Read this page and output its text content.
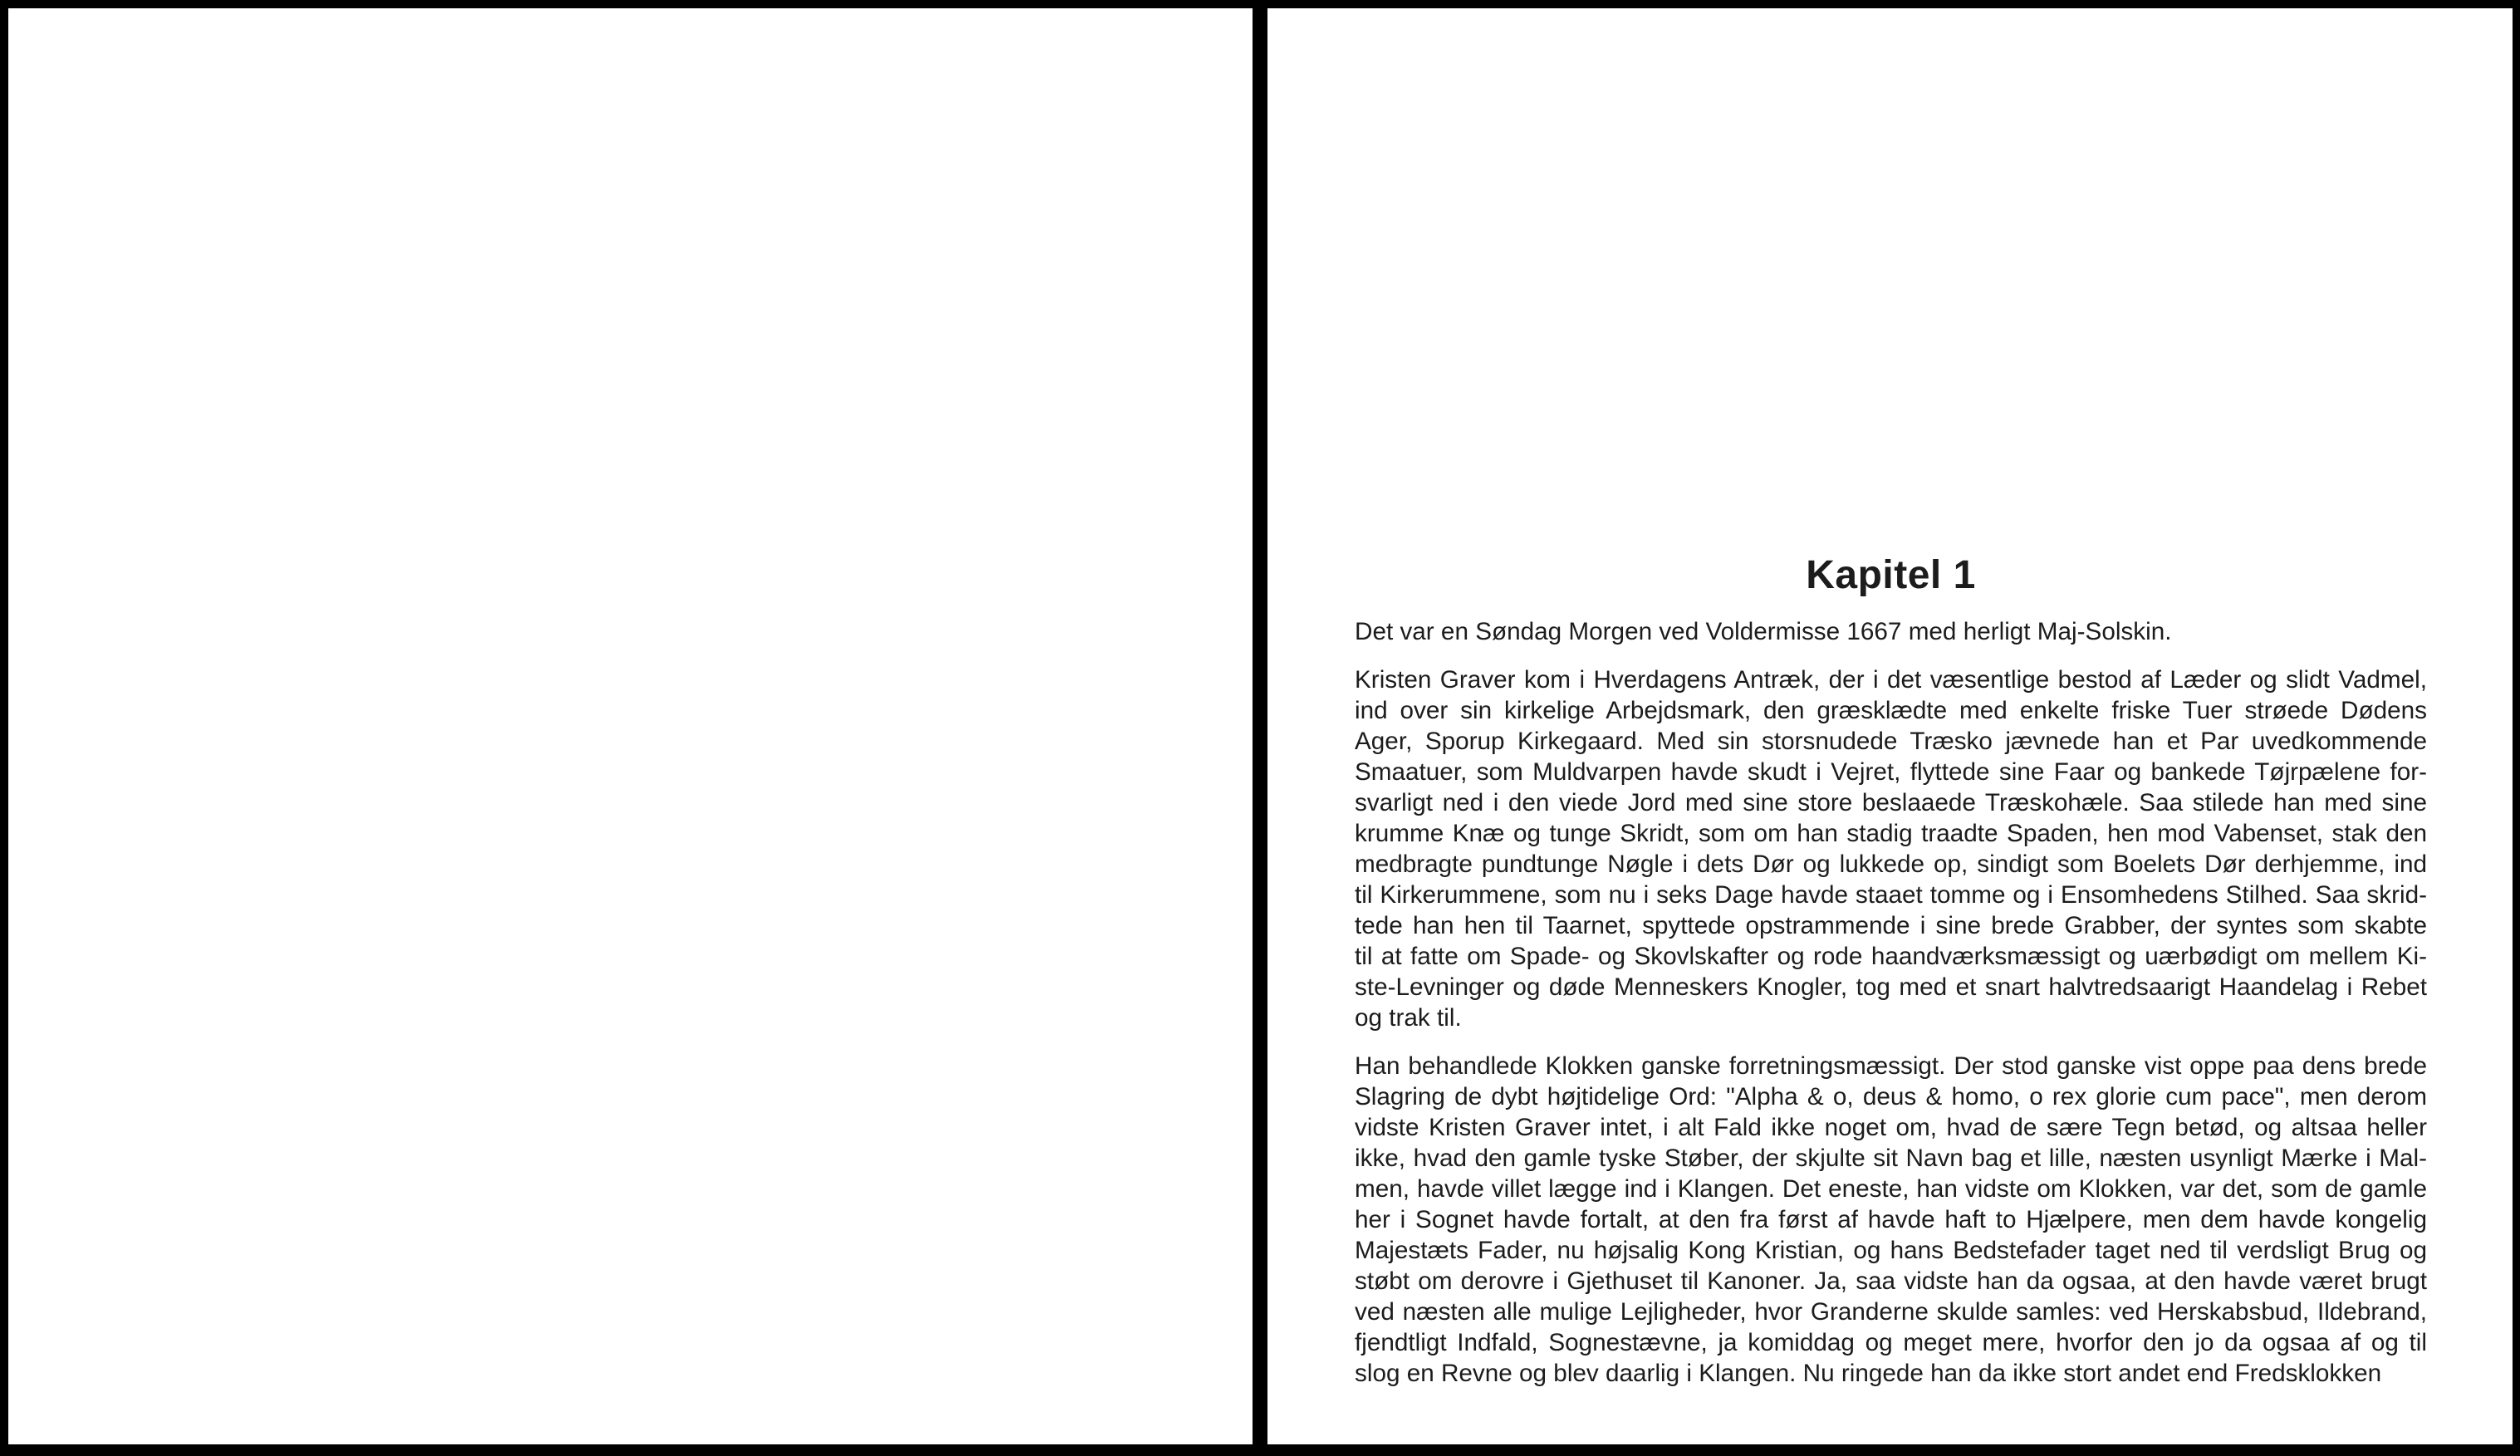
Kapitel 1
Det var en Søndag Morgen ved Voldermisse 1667 med herligt Maj-Solskin.
Kristen Graver kom i Hverdagens Antræk, der i det væsentlige bestod af Læder og slidt Vadmel,
ind over sin kirkelige Arbejdsmark, den græsklædte med enkelte friske Tuer strøede Dødens
Ager, Sporup Kirkegaard. Med sin storsnudede Træsko jævnede han et Par uvedkommende
Smaatuer, som Muldvarpen havde skudt i Vejret, flyttede sine Faar og bankede Tøjrpælene for-
svarligt ned i den viede Jord med sine store beslaaede Træskohæle. Saa stilede han med sine
krumme Knæ og tunge Skridt, som om han stadig traadte Spaden, hen mod Vabenset, stak den
medbragte pundtunge Nøgle i dets Dør og lukkede op, sindigt som Boelets Dør derhjemme, ind
til Kirkerummene, som nu i seks Dage havde staaet tomme og i Ensomhedens Stilhed. Saa skrid-
tede han hen til Taarnet, spyttede opstrammende i sine brede Grabber, der syntes som skabte
til at fatte om Spade- og Skovlskafter og rode haandværksmæssigt og uærbødigt om mellem Ki-
ste-Levninger og døde Menneskers Knogler, tog med et snart halvtredsaarigt Haandelag i Rebet
og trak til.
Han behandlede Klokken ganske forretningsmæssigt. Der stod ganske vist oppe paa dens brede
Slagring de dybt højtidelige Ord: "Alpha & o, deus & homo, o rex glorie cum pace", men derom
vidste Kristen Graver intet, i alt Fald ikke noget om, hvad de sære Tegn betød, og altsaa heller
ikke, hvad den gamle tyske Støber, der skjulte sit Navn bag et lille, næsten usynligt Mærke i Mal-
men, havde villet lægge ind i Klangen. Det eneste, han vidste om Klokken, var det, som de gamle
her i Sognet havde fortalt, at den fra først af havde haft to Hjælpere, men dem havde kongelig
Majestæts Fader, nu højsalig Kong Kristian, og hans Bedstefader taget ned til verdsligt Brug og
støbt om derovre i Gjethuset til Kanoner. Ja, saa vidste han da ogsaa, at den havde været brugt
ved næsten alle mulige Lejligheder, hvor Granderne skulde samles: ved Herskabsbud, Ildebrand,
fjendtligt Indfald, Sognestævne, ja komiddag og meget mere, hvorfor den jo da ogsaa af og til
slog en Revne og blev daarlig i Klangen. Nu ringede han da ikke stort andet end Fredsklokken
